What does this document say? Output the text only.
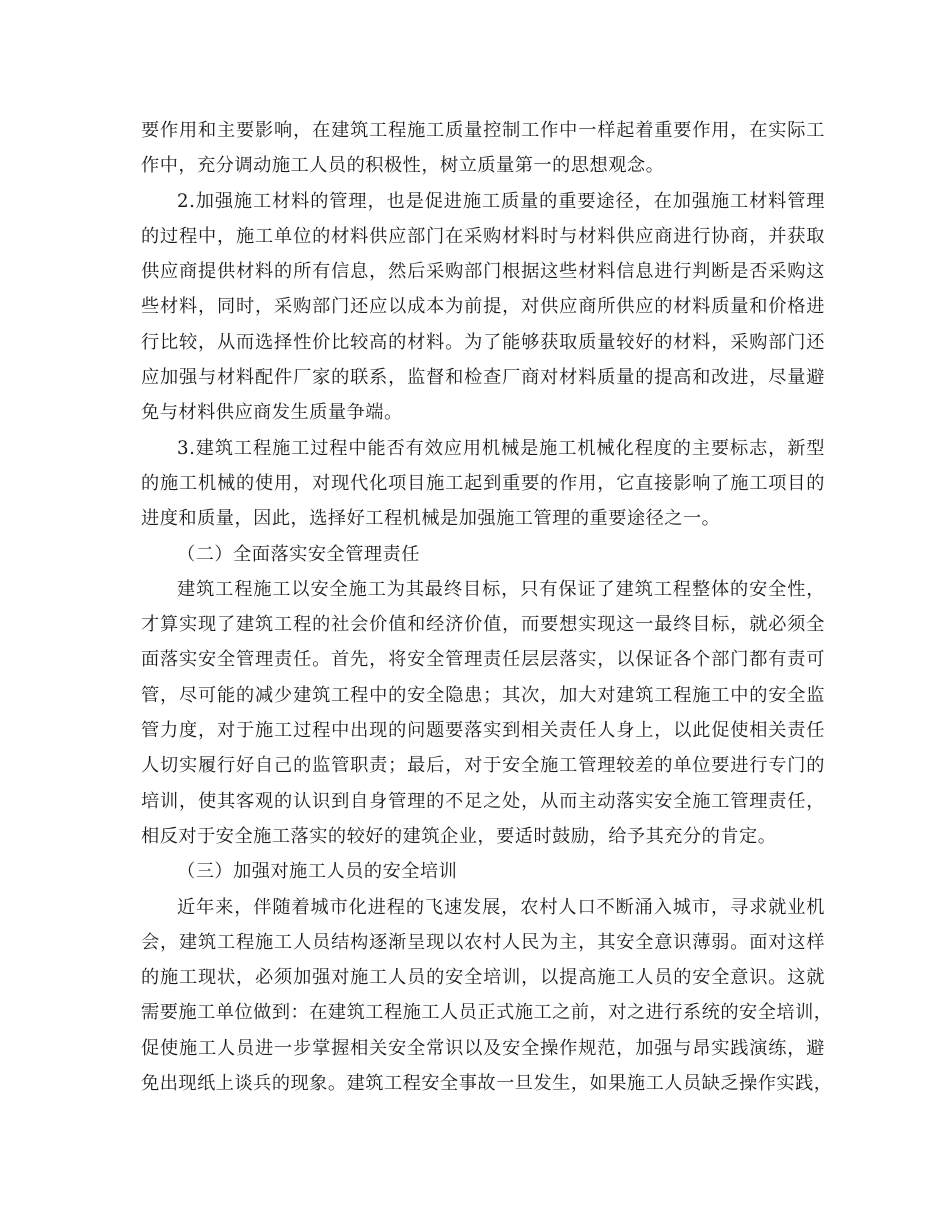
要作用和主要影响，在建筑工程施工质量控制工作中一样起着重要作用，在实际工
作中，充分调动施工人员的积极性，树立质量第一的思想观念。
2.加强施工材料的管理，也是促进施工质量的重要途径，在加强施工材料管理
的过程中，施工单位的材料供应部门在采购材料时与材料供应商进行协商，并获取
供应商提供材料的所有信息，然后采购部门根据这些材料信息进行判断是否采购这
些材料，同时，采购部门还应以成本为前提，对供应商所供应的材料质量和价格进
行比较，从而选择性价比较高的材料。为了能够获取质量较好的材料，采购部门还
应加强与材料配件厂家的联系，监督和检查厂商对材料质量的提高和改进，尽量避
免与材料供应商发生质量争端。
3.建筑工程施工过程中能否有效应用机械是施工机械化程度的主要标志，新型
的施工机械的使用，对现代化项目施工起到重要的作用，它直接影响了施工项目的
进度和质量，因此，选择好工程机械是加强施工管理的重要途径之一。
（二）全面落实安全管理责任
建筑工程施工以安全施工为其最终目标，只有保证了建筑工程整体的安全性，
才算实现了建筑工程的社会价值和经济价值，而要想实现这一最终目标，就必须全
面落实安全管理责任。首先，将安全管理责任层层落实，以保证各个部门都有责可
管，尽可能的减少建筑工程中的安全隐患；其次，加大对建筑工程施工中的安全监
管力度，对于施工过程中出现的问题要落实到相关责任人身上，以此促使相关责任
人切实履行好自己的监管职责；最后，对于安全施工管理较差的单位要进行专门的
培训，使其客观的认识到自身管理的不足之处，从而主动落实安全施工管理责任，
相反对于安全施工落实的较好的建筑企业，要适时鼓励，给予其充分的肯定。
（三）加强对施工人员的安全培训
近年来，伴随着城市化进程的飞速发展，农村人口不断涌入城市，寻求就业机
会，建筑工程施工人员结构逐渐呈现以农村人民为主，其安全意识薄弱。面对这样
的施工现状，必须加强对施工人员的安全培训，以提高施工人员的安全意识。这就
需要施工单位做到：在建筑工程施工人员正式施工之前，对之进行系统的安全培训，
促使施工人员进一步掌握相关安全常识以及安全操作规范，加强与昂实践演练，避
免出现纸上谈兵的现象。建筑工程安全事故一旦发生，如果施工人员缺乏操作实践，
